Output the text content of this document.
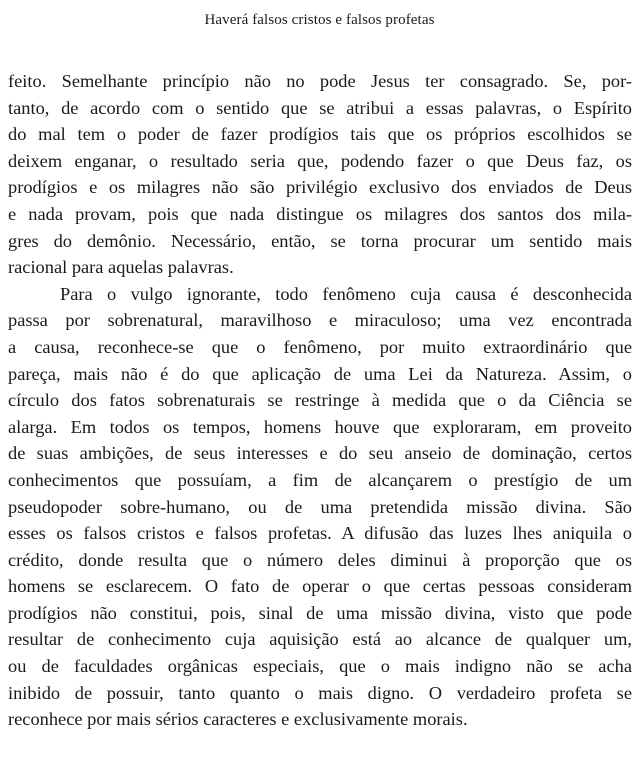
Haverá falsos cristos e falsos profetas
feito. Semelhante princípio não no pode Jesus ter consagrado. Se, por-
tanto, de acordo com o sentido que se atribui a essas palavras, o Espírito
do mal tem o poder de fazer prodígios tais que os próprios escolhidos se
deixem enganar, o resultado seria que, podendo fazer o que Deus faz, os
prodígios e os milagres não são privilégio exclusivo dos enviados de Deus
e nada provam, pois que nada distingue os milagres dos santos dos mila-
gres do demônio. Necessário, então, se torna procurar um sentido mais
racional para aquelas palavras.
Para o vulgo ignorante, todo fenômeno cuja causa é desconhecida
passa por sobrenatural, maravilhoso e miraculoso; uma vez encontrada
a causa, reconhece-se que o fenômeno, por muito extraordinário que
pareça, mais não é do que aplicação de uma Lei da Natureza. Assim, o
círculo dos fatos sobrenaturais se restringe à medida que o da Ciência se
alarga. Em todos os tempos, homens houve que exploraram, em proveito
de suas ambições, de seus interesses e do seu anseio de dominação, certos
conhecimentos que possuíam, a fim de alcançarem o prestígio de um
pseudopoder sobre-humano, ou de uma pretendida missão divina. São
esses os falsos cristos e falsos profetas. A difusão das luzes lhes aniquila o
crédito, donde resulta que o número deles diminui à proporção que os
homens se esclarecem. O fato de operar o que certas pessoas consideram
prodígios não constitui, pois, sinal de uma missão divina, visto que pode
resultar de conhecimento cuja aquisição está ao alcance de qualquer um,
ou de faculdades orgânicas especiais, que o mais indigno não se acha
inibido de possuir, tanto quanto o mais digno. O verdadeiro profeta se
reconhece por mais sérios caracteres e exclusivamente morais.
